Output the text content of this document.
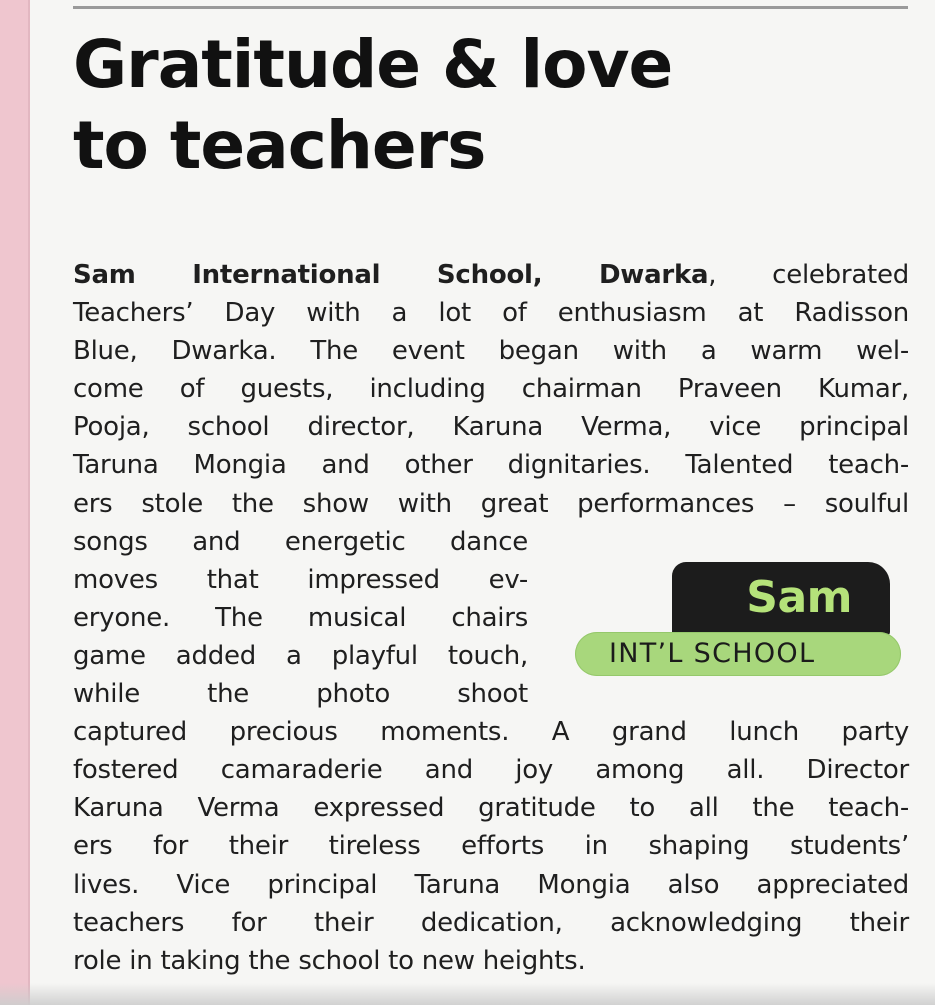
Gratitude & love
to teachers
Sam International School, Dwarka, celebrated
Teachers’ Day with a lot of enthusiasm at Radisson
Blue, Dwarka. The event began with a warm wel-
come of guests, including chairman Praveen Kumar,
Pooja, school director, Karuna Verma, vice principal
Taruna Mongia and other dignitaries. Talented teach-
ers stole the show with great performances – soulful
songs and energetic dance
moves that impressed ev-
eryone. The musical chairs
game added a playful touch,
while the photo shoot
captured precious moments. A grand lunch party
fostered camaraderie and joy among all. Director
Karuna Verma expressed gratitude to all the teach-
ers for their tireless efforts in shaping students’
lives. Vice principal Taruna Mongia also appreciated
teachers for their dedication, acknowledging their
role in taking the school to new heights.
Sam
INT’L SCHOOL
